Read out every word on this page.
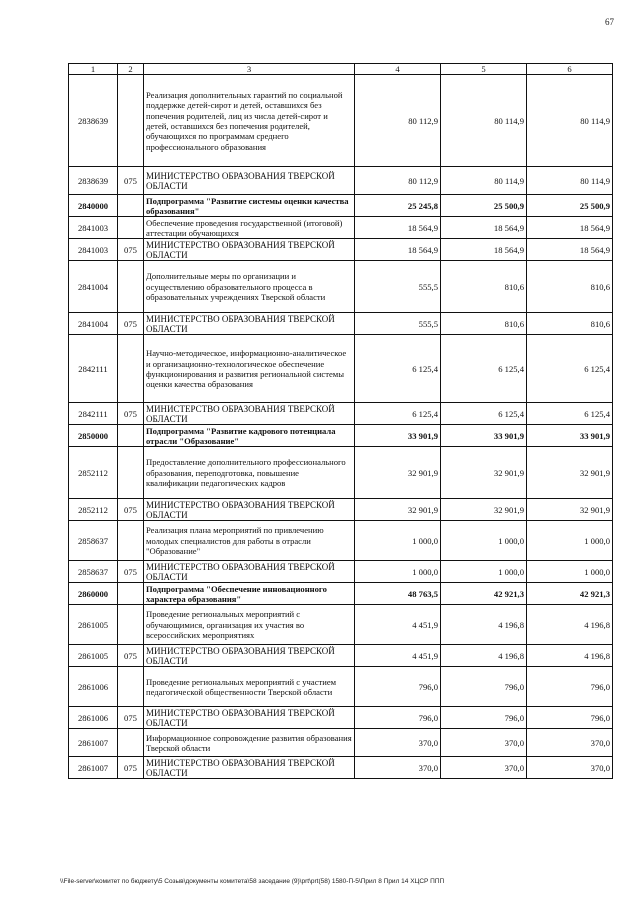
67
1	2	3	4	5	6
2838639		Реализация дополнительных гарантий по социальной поддержке детей-сирот и детей, оставшихся без попечения родителей, лиц из числа детей-сирот и детей, оставшихся без попечения родителей, обучающихся по программам среднего профессионального образования	80 112,9	80 114,9	80 114,9
2838639	075	МИНИСТЕРСТВО ОБРАЗОВАНИЯ ТВЕРСКОЙ ОБЛАСТИ	80 112,9	80 114,9	80 114,9
2840000		Подпрограмма "Развитие системы оценки качества образования"	25 245,8	25 500,9	25 500,9
2841003		Обеспечение проведения государственной (итоговой) аттестации обучающихся	18 564,9	18 564,9	18 564,9
2841003	075	МИНИСТЕРСТВО ОБРАЗОВАНИЯ ТВЕРСКОЙ ОБЛАСТИ	18 564,9	18 564,9	18 564,9
2841004		Дополнительные меры по организации и осуществлению образовательного процесса в образовательных учреждениях Тверской области	555,5	810,6	810,6
2841004	075	МИНИСТЕРСТВО ОБРАЗОВАНИЯ ТВЕРСКОЙ ОБЛАСТИ	555,5	810,6	810,6
2842111		Научно-методическое, информационно-аналитическое и организационно-технологическое обеспечение функционирования и развития региональной системы оценки качества образования	6 125,4	6 125,4	6 125,4
2842111	075	МИНИСТЕРСТВО ОБРАЗОВАНИЯ ТВЕРСКОЙ ОБЛАСТИ	6 125,4	6 125,4	6 125,4
2850000		Подпрограмма "Развитие кадрового потенциала отрасли "Образование"	33 901,9	33 901,9	33 901,9
2852112		Предоставление дополнительного профессионального образования, переподготовка, повышение квалификации педагогических кадров	32 901,9	32 901,9	32 901,9
2852112	075	МИНИСТЕРСТВО ОБРАЗОВАНИЯ ТВЕРСКОЙ ОБЛАСТИ	32 901,9	32 901,9	32 901,9
2858637		Реализация плана мероприятий по привлечению молодых специалистов для работы в отрасли "Образование"	1 000,0	1 000,0	1 000,0
2858637	075	МИНИСТЕРСТВО ОБРАЗОВАНИЯ ТВЕРСКОЙ ОБЛАСТИ	1 000,0	1 000,0	1 000,0
2860000		Подпрограмма "Обеспечение инновационного характера образования"	48 763,5	42 921,3	42 921,3
2861005		Проведение региональных мероприятий с обучающимися, организация их участия во всероссийских мероприятиях	4 451,9	4 196,8	4 196,8
2861005	075	МИНИСТЕРСТВО ОБРАЗОВАНИЯ ТВЕРСКОЙ ОБЛАСТИ	4 451,9	4 196,8	4 196,8
2861006		Проведение региональных мероприятий с участием педагогической общественности Тверской области	796,0	796,0	796,0
2861006	075	МИНИСТЕРСТВО ОБРАЗОВАНИЯ ТВЕРСКОЙ ОБЛАСТИ	796,0	796,0	796,0
2861007		Информационное сопровождение развития образования Тверской области	370,0	370,0	370,0
2861007	075	МИНИСТЕРСТВО ОБРАЗОВАНИЯ ТВЕРСКОЙ ОБЛАСТИ	370,0	370,0	370,0
\\File-server\комитет по бюджету\5 Созыв\документы комитета\58 заседание (9)\prt\prt(58) 1580-П-5\Прил 8 Прил 14 ХЦСР ППП
